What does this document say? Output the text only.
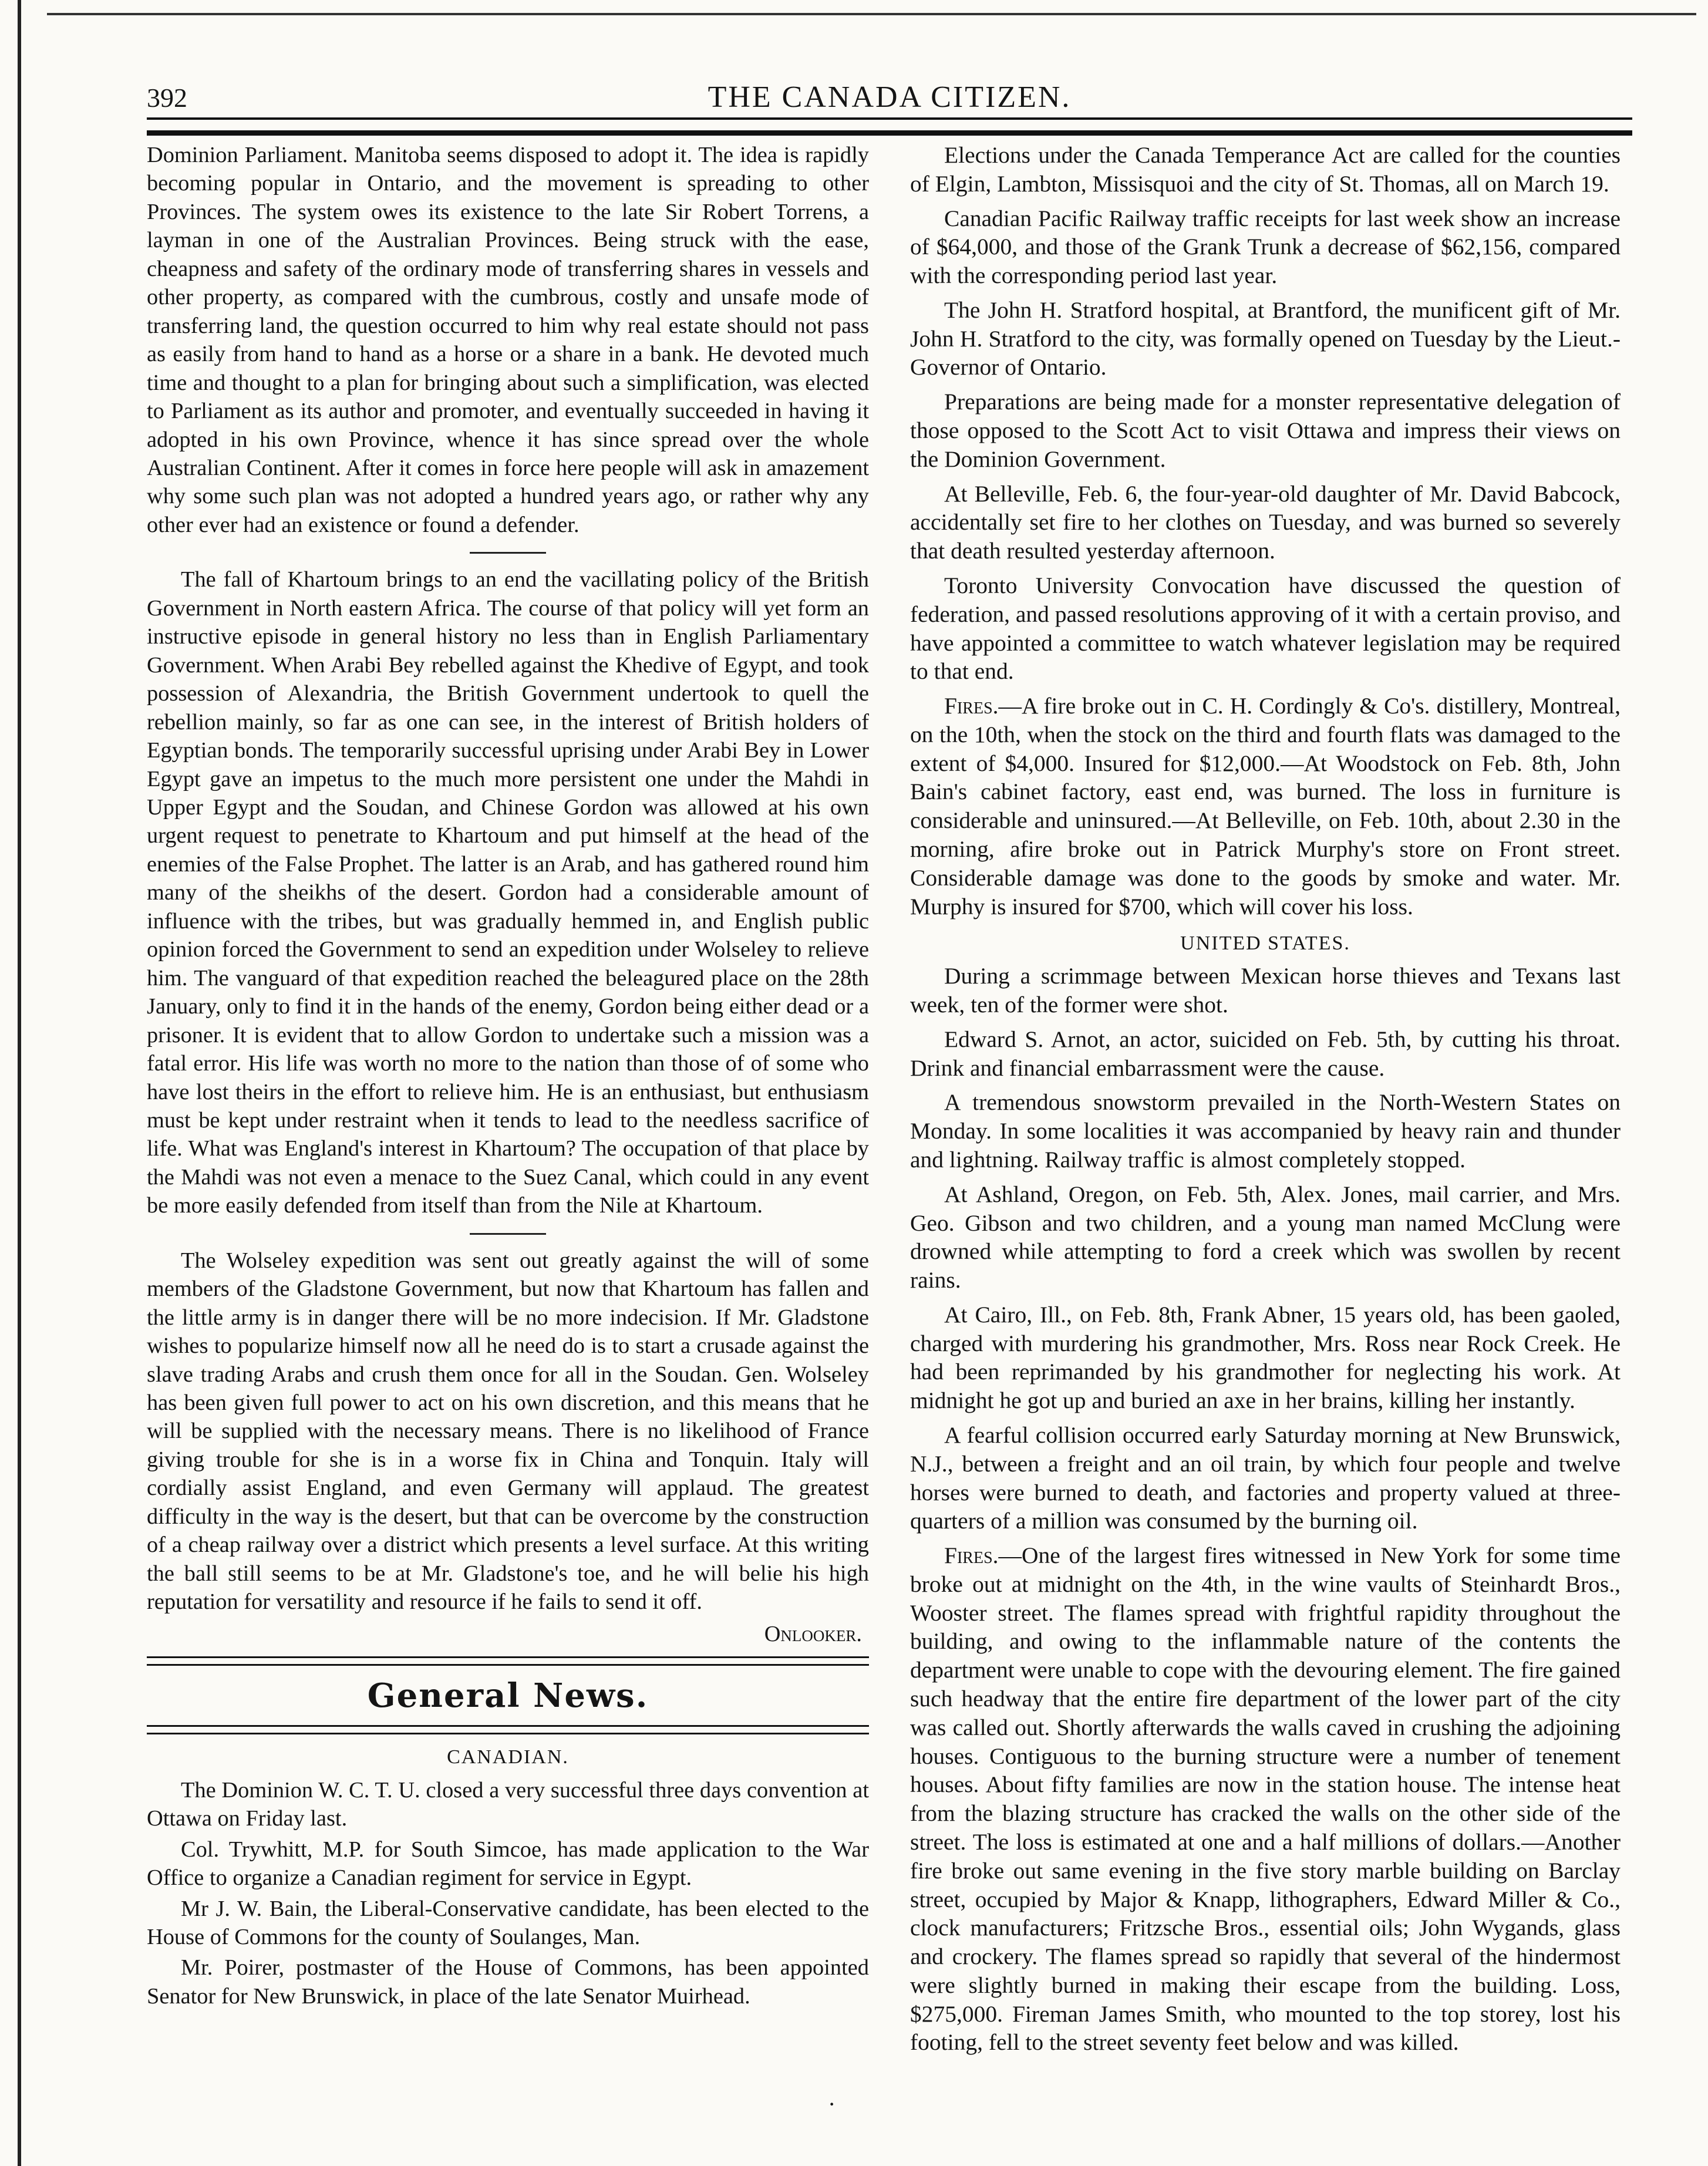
392	THE CANADA CITIZEN.

Dominion Parliament. Manitoba seems disposed to adopt it. The idea is rapidly becoming popular in Ontario, and the movement is spreading to other Provinces. The system owes its existence to the late Sir Robert Torrens, a layman in one of the Australian Provinces. Being struck with the ease, cheapness and safety of the ordinary mode of transferring shares in vessels and other property, as compared with the cumbrous, costly and unsafe mode of transferring land, the question occurred to him why real estate should not pass as easily from hand to hand as a horse or a share in a bank. He devoted much time and thought to a plan for bringing about such a simplification, was elected to Parliament as its author and promoter, and eventually succeeded in having it adopted in his own Province, whence it has since spread over the whole Australian Continent. After it comes in force here people will ask in amazement why some such plan was not adopted a hundred years ago, or rather why any other ever had an existence or found a defender.

The fall of Khartoum brings to an end the vacillating policy of the British Government in North eastern Africa. The course of that policy will yet form an instructive episode in general history no less than in English Parliamentary Government. When Arabi Bey rebelled against the Khedive of Egypt, and took possession of Alexandria, the British Government undertook to quell the rebellion mainly, so far as one can see, in the interest of British holders of Egyptian bonds. The temporarily successful uprising under Arabi Bey in Lower Egypt gave an impetus to the much more persistent one under the Mahdi in Upper Egypt and the Soudan, and Chinese Gordon was allowed at his own urgent request to penetrate to Khartoum and put himself at the head of the enemies of the False Prophet. The latter is an Arab, and has gathered round him many of the sheikhs of the desert. Gordon had a considerable amount of influence with the tribes, but was gradually hemmed in, and English public opinion forced the Government to send an expedition under Wolseley to relieve him. The vanguard of that expedition reached the beleagured place on the 28th January, only to find it in the hands of the enemy, Gordon being either dead or a prisoner. It is evident that to allow Gordon to undertake such a mission was a fatal error. His life was worth no more to the nation than those of of some who have lost theirs in the effort to relieve him. He is an enthusiast, but enthusiasm must be kept under restraint when it tends to lead to the needless sacrifice of life. What was England's interest in Khartoum? The occupation of that place by the Mahdi was not even a menace to the Suez Canal, which could in any event be more easily defended from itself than from the Nile at Khartoum.

The Wolseley expedition was sent out greatly against the will of some members of the Gladstone Government, but now that Khartoum has fallen and the little army is in danger there will be no more indecision. If Mr. Gladstone wishes to popularize himself now all he need do is to start a crusade against the slave trading Arabs and crush them once for all in the Soudan. Gen. Wolseley has been given full power to act on his own discretion, and this means that he will be supplied with the necessary means. There is no likelihood of France giving trouble for she is in a worse fix in China and Tonquin. Italy will cordially assist England, and even Germany will applaud. The greatest difficulty in the way is the desert, but that can be overcome by the construction of a cheap railway over a district which presents a level surface. At this writing the ball still seems to be at Mr. Gladstone's toe, and he will belie his high reputation for versatility and resource if he fails to send it off.

Onlooker.
General News.
CANADIAN.

The Dominion W. C. T. U. closed a very successful three days convention at Ottawa on Friday last.

Col. Trywhitt, M.P. for South Simcoe, has made application to the War Office to organize a Canadian regiment for service in Egypt.

Mr J. W. Bain, the Liberal-Conservative candidate, has been elected to the House of Commons for the county of Soulanges, Man.

Mr. Poirer, postmaster of the House of Commons, has been appointed Senator for New Brunswick, in place of the late Senator Muirhead.

Elections under the Canada Temperance Act are called for the counties of Elgin, Lambton, Missisquoi and the city of St. Thomas, all on March 19.

Canadian Pacific Railway traffic receipts for last week show an increase of $64,000, and those of the Grank Trunk a decrease of $62,156, compared with the corresponding period last year.

The John H. Stratford hospital, at Brantford, the munificent gift of Mr. John H. Stratford to the city, was formally opened on Tuesday by the Lieut.-Governor of Ontario.

Preparations are being made for a monster representative delegation of those opposed to the Scott Act to visit Ottawa and impress their views on the Dominion Government.

At Belleville, Feb. 6, the four-year-old daughter of Mr. David Babcock, accidentally set fire to her clothes on Tuesday, and was burned so severely that death resulted yesterday afternoon.

Toronto University Convocation have discussed the question of federation, and passed resolutions approving of it with a certain proviso, and have appointed a committee to watch whatever legislation may be required to that end.

Fires.—A fire broke out in C. H. Cordingly & Co's. distillery, Montreal, on the 10th, when the stock on the third and fourth flats was damaged to the extent of $4,000. Insured for $12,000.—At Woodstock on Feb. 8th, John Bain's cabinet factory, east end, was burned. The loss in furniture is considerable and uninsured.—At Belleville, on Feb. 10th, about 2.30 in the morning, afire broke out in Patrick Murphy's store on Front street. Considerable damage was done to the goods by smoke and water. Mr. Murphy is insured for $700, which will cover his loss.

UNITED STATES.

During a scrimmage between Mexican horse thieves and Texans last week, ten of the former were shot.

Edward S. Arnot, an actor, suicided on Feb. 5th, by cutting his throat. Drink and financial embarrassment were the cause.

A tremendous snowstorm prevailed in the North-Western States on Monday. In some localities it was accompanied by heavy rain and thunder and lightning. Railway traffic is almost completely stopped.

At Ashland, Oregon, on Feb. 5th, Alex. Jones, mail carrier, and Mrs. Geo. Gibson and two children, and a young man named McClung were drowned while attempting to ford a creek which was swollen by recent rains.

At Cairo, Ill., on Feb. 8th, Frank Abner, 15 years old, has been gaoled, charged with murdering his grandmother, Mrs. Ross near Rock Creek. He had been reprimanded by his grandmother for neglecting his work. At midnight he got up and buried an axe in her brains, killing her instantly.

A fearful collision occurred early Saturday morning at New Brunswick, N.J., between a freight and an oil train, by which four people and twelve horses were burned to death, and factories and property valued at three-quarters of a million was consumed by the burning oil.

Fires.—One of the largest fires witnessed in New York for some time broke out at midnight on the 4th, in the wine vaults of Steinhardt Bros., Wooster street. The flames spread with frightful rapidity throughout the building, and owing to the inflammable nature of the contents the department were unable to cope with the devouring element. The fire gained such headway that the entire fire department of the lower part of the city was called out. Shortly afterwards the walls caved in crushing the adjoining houses. Contiguous to the burning structure were a number of tenement houses. About fifty families are now in the station house. The intense heat from the blazing structure has cracked the walls on the other side of the street. The loss is estimated at one and a half millions of dollars.—Another fire broke out same evening in the five story marble building on Barclay street, occupied by Major & Knapp, lithographers, Edward Miller & Co., clock manufacturers; Fritzsche Bros., essential oils; John Wygands, glass and crockery. The flames spread so rapidly that several of the hindermost were slightly burned in making their escape from the building. Loss, $275,000. Fireman James Smith, who mounted to the top storey, lost his footing, fell to the street seventy feet below and was killed.

·
